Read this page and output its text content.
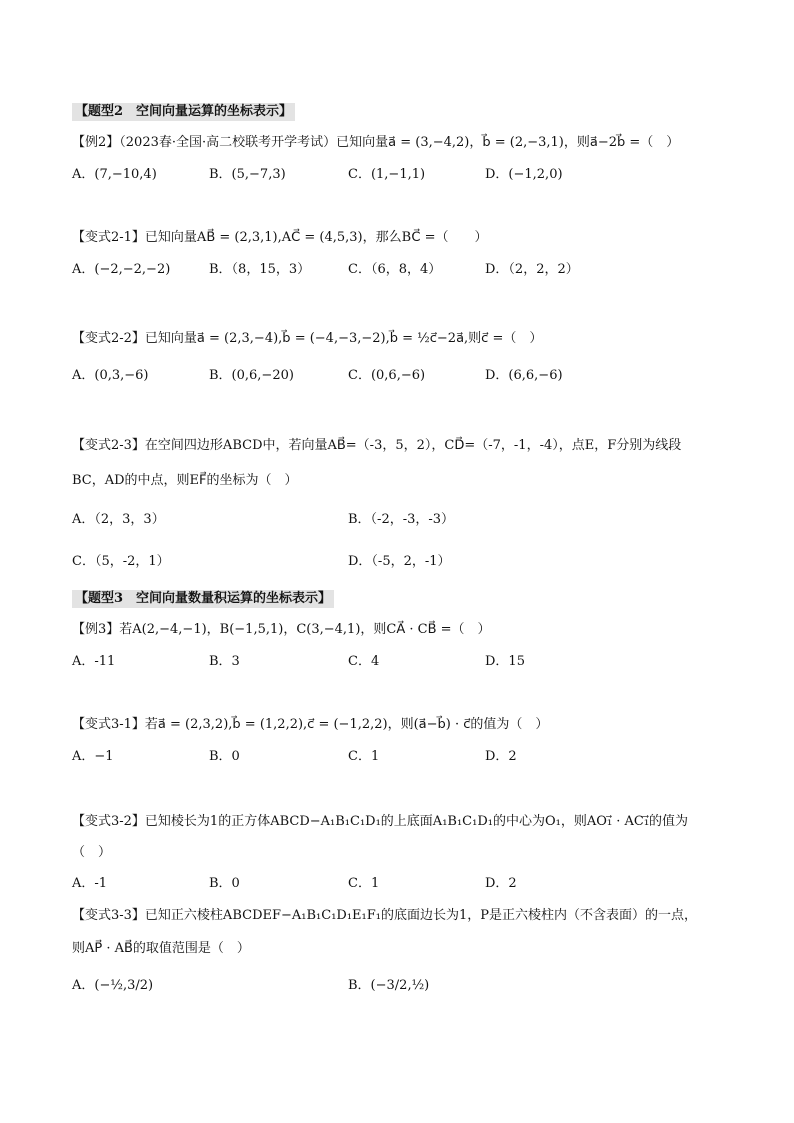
【题型2　空间向量运算的坐标表示】
【例2】（2023春·全国·高二校联考开学考试）已知向量a⃗ = (3,−4,2)，b⃗ = (2,−3,1)，则a⃗−2b⃗ =（　）
A．(7,−10,4)	B．(5,−7,3)	C．(1,−1,1)	D．(−1,2,0)
【变式2-1】已知向量AB⃗ = (2,3,1),AC⃗ = (4,5,3)，那么BC⃗ =（　　）
A．(−2,−2,−2)	B．（8，15，3）	C．（6，8，4）	D．（2，2，2）
【变式2-2】已知向量a⃗ = (2,3,−4),b⃗ = (−4,−3,−2),b⃗ = ½c⃗−2a⃗,则c⃗ =（　）
A．(0,3,−6)	B．(0,6,−20)	C．(0,6,−6)	D．(6,6,−6)
【变式2-3】在空间四边形ABCD中，若向量AB⃗=（-3，5，2），CD⃗=（-7，-1，-4），点E，F分别为线段
BC，AD的中点，则EF⃗的坐标为（　）
A．（2，3，3）	B．（-2，-3，-3）
C．（5，-2，1）	D．（-5，2，-1）
【题型3　空间向量数量积运算的坐标表示】
【例3】若A(2,−4,−1)，B(−1,5,1)，C(3,−4,1)，则CA⃗ · CB⃗ =（　）
A．-11	B．3	C．4	D．15
【变式3-1】若a⃗ = (2,3,2),b⃗ = (1,2,2),c⃗ = (−1,2,2)，则(a⃗−b⃗) · c⃗的值为（　）
A．−1	B．0	C．1	D．2
【变式3-2】已知棱长为1的正方体ABCD−A₁B₁C₁D₁的上底面A₁B₁C₁D₁的中心为O₁，则AO₁⃗ · AC₁⃗的值为
（　）
A．-1	B．0	C．1	D．2
【变式3-3】已知正六棱柱ABCDEF−A₁B₁C₁D₁E₁F₁的底面边长为1，P是正六棱柱内（不含表面）的一点，
则AP⃗ · AB⃗的取值范围是（　）
A．(−½,3/2)	B．(−3/2,½)
